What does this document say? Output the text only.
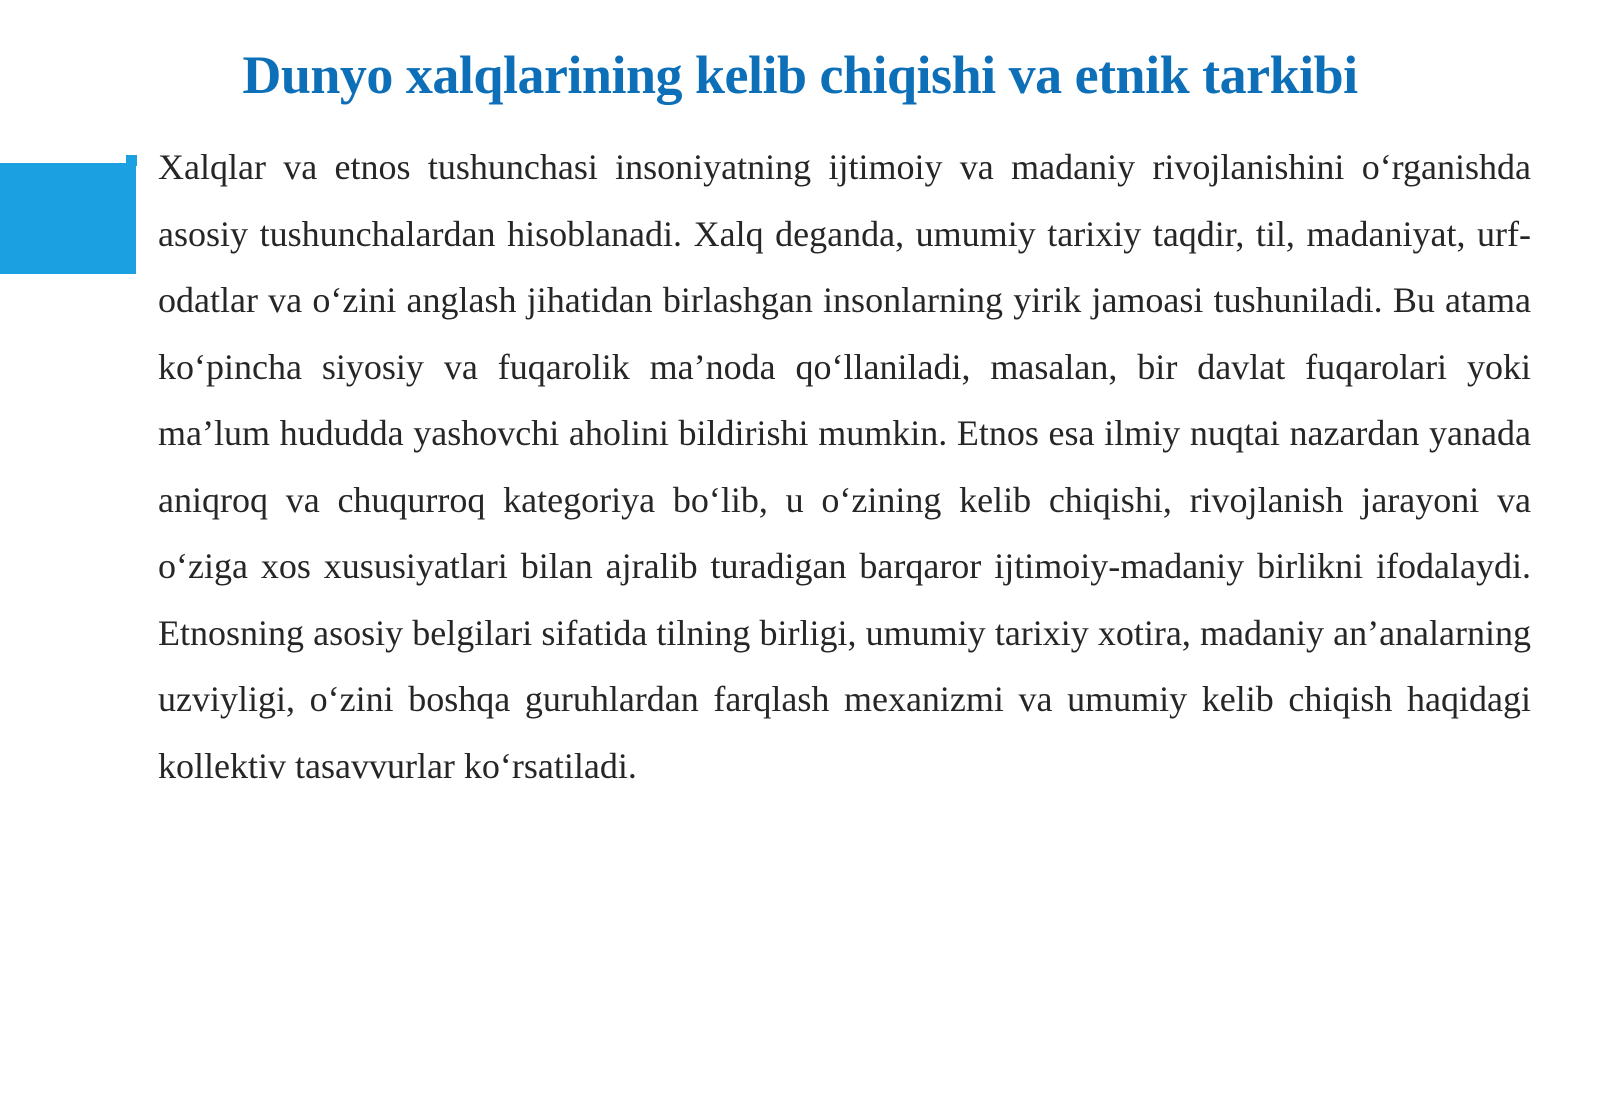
Dunyo xalqlarining kelib chiqishi va etnik tarkibi

Xalqlar va etnos tushunchasi insoniyatning ijtimoiy va madaniy rivojlanishini o‘rganishda asosiy tushunchalardan hisoblanadi. Xalq deganda, umumiy tarixiy taqdir, til, madaniyat, urf-odatlar va o‘zini anglash jihatidan birlashgan insonlarning yirik jamoasi tushuniladi. Bu atama ko‘pincha siyosiy va fuqarolik ma’noda qo‘llaniladi, masalan, bir davlat fuqarolari yoki ma’lum hududda yashovchi aholini bildirishi mumkin. Etnos esa ilmiy nuqtai nazardan yanada aniqroq va chuqurroq kategoriya bo‘lib, u o‘zining kelib chiqishi, rivojlanish jarayoni va o‘ziga xos xususiyatlari bilan ajralib turadigan barqaror ijtimoiy-madaniy birlikni ifodalaydi. Etnosning asosiy belgilari sifatida tilning birligi, umumiy tarixiy xotira, madaniy an’analarning uzviyligi, o‘zini boshqa guruhlardan farqlash mexanizmi va umumiy kelib chiqish haqidagi kollektiv tasavvurlar ko‘rsatiladi.
